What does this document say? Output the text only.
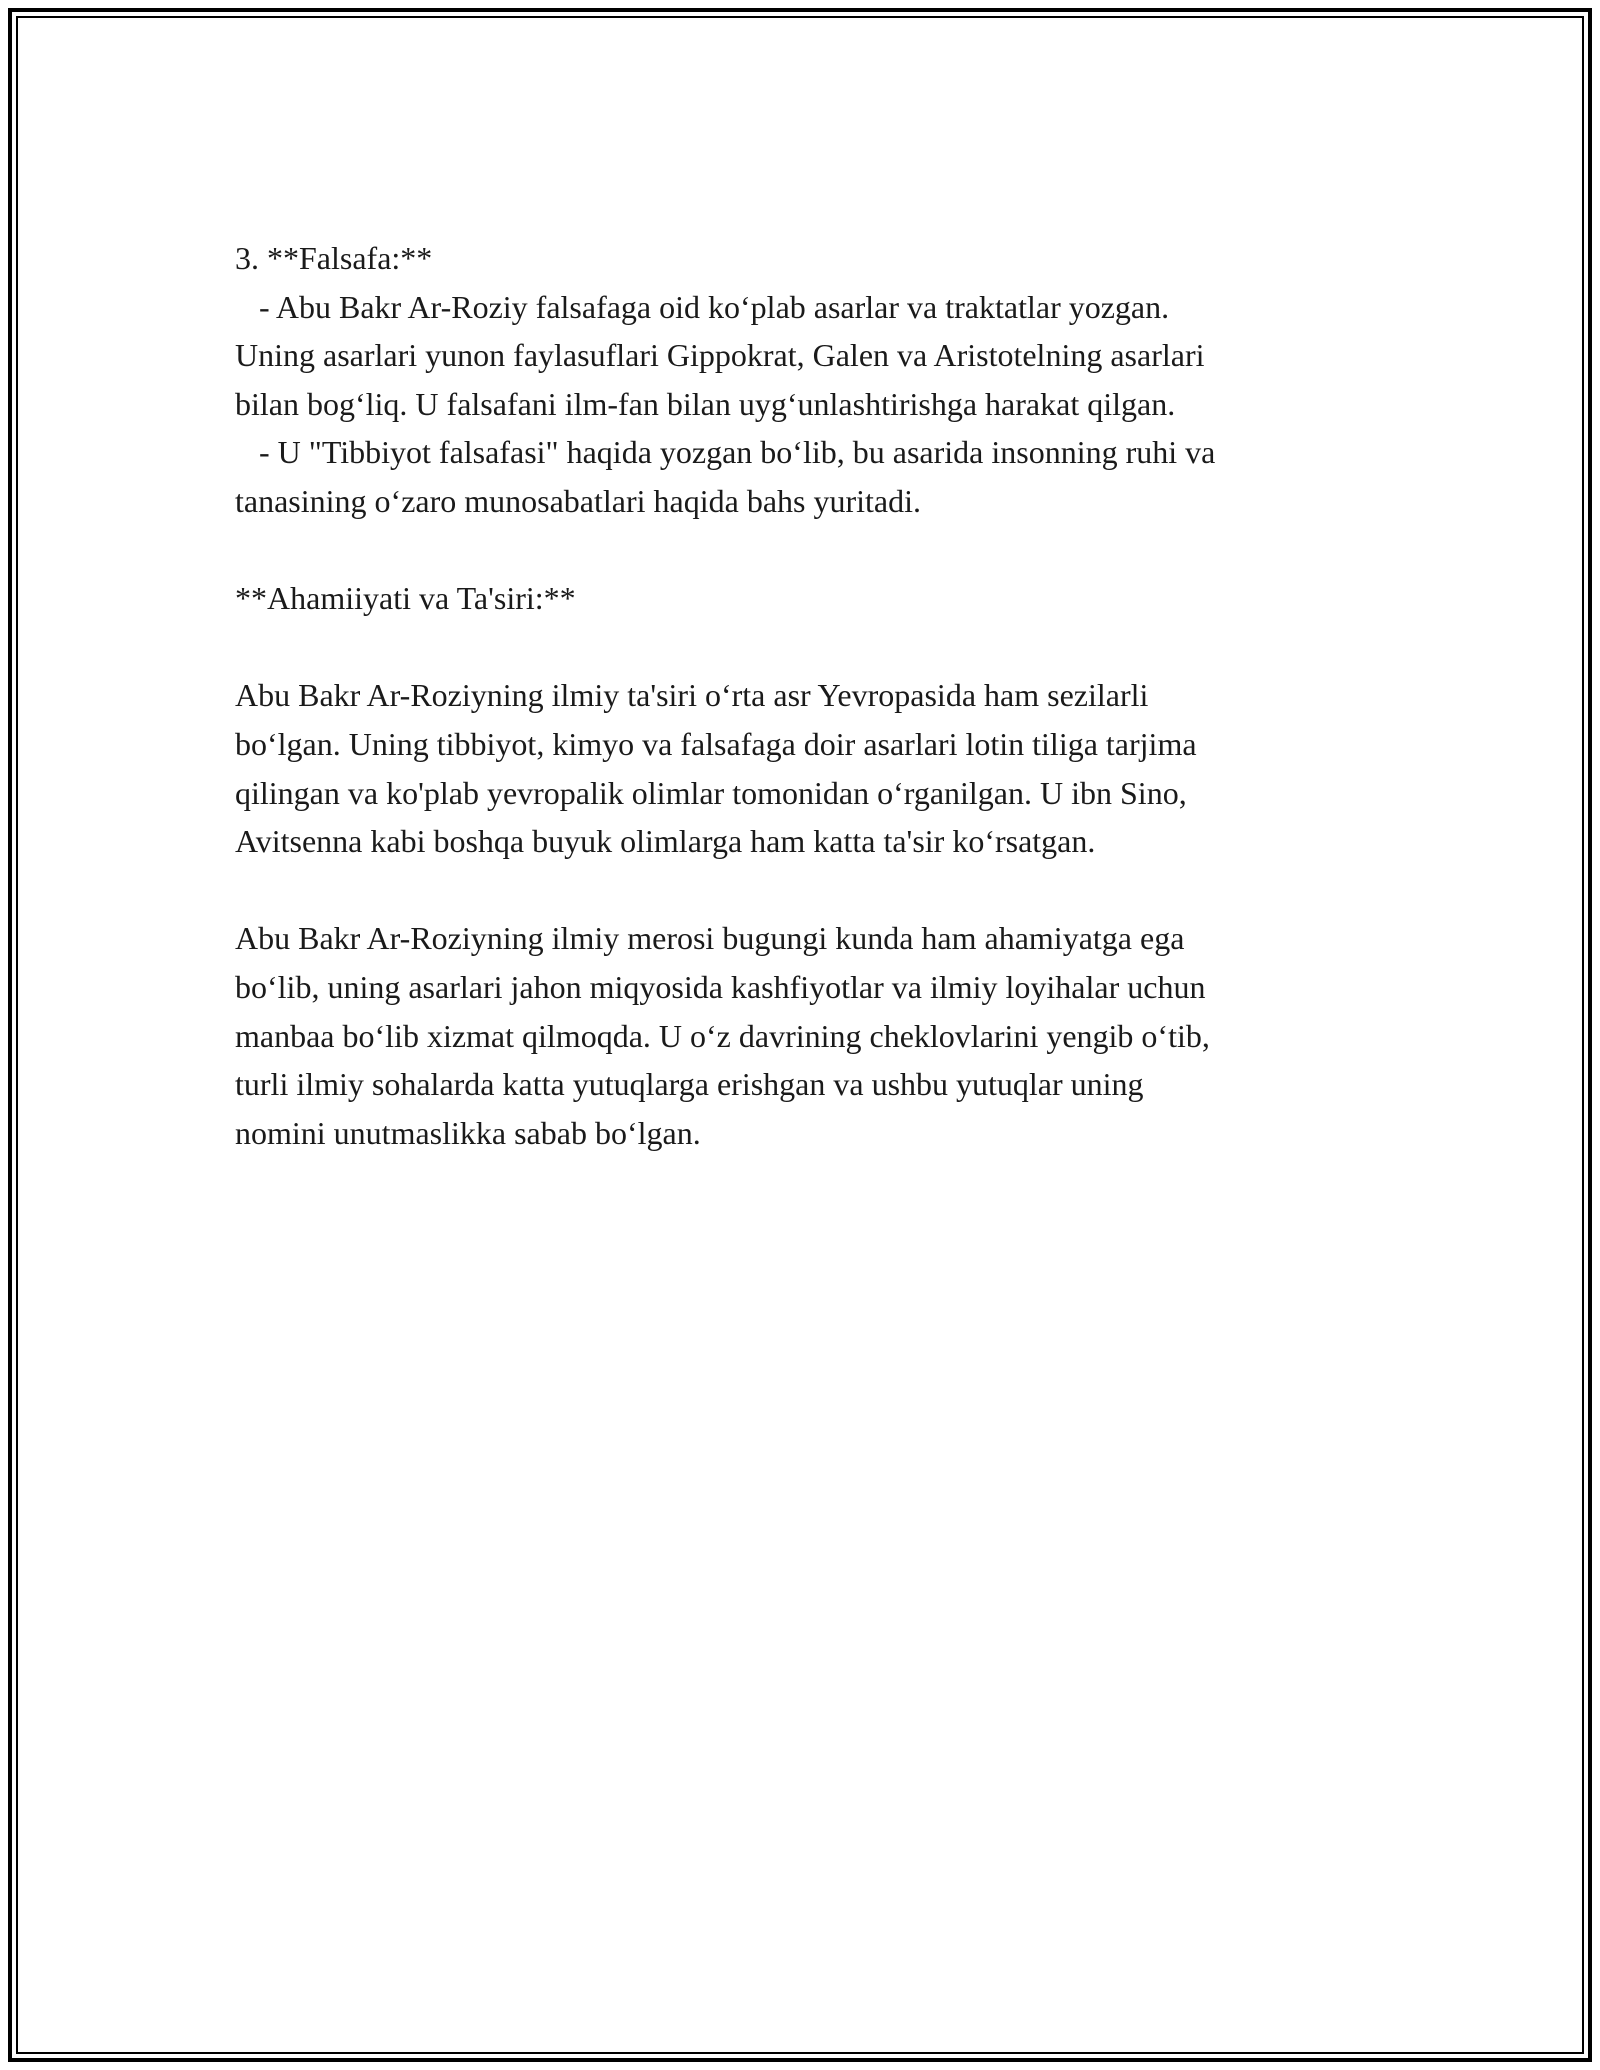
3. **Falsafa:**
- Abu Bakr Ar-Roziy falsafaga oid ko‘plab asarlar va traktatlar yozgan.
Uning asarlari yunon faylasuflari Gippokrat, Galen va Aristotelning asarlari
bilan bog‘liq. U falsafani ilm-fan bilan uyg‘unlashtirishga harakat qilgan.
- U "Tibbiyot falsafasi" haqida yozgan bo‘lib, bu asarida insonning ruhi va
tanasining o‘zaro munosabatlari haqida bahs yuritadi.
**Ahamiiyati va Ta'siri:**
Abu Bakr Ar-Roziyning ilmiy ta'siri o‘rta asr Yevropasida ham sezilarli
bo‘lgan. Uning tibbiyot, kimyo va falsafaga doir asarlari lotin tiliga tarjima
qilingan va ko'plab yevropalik olimlar tomonidan o‘rganilgan. U ibn Sino,
Avitsenna kabi boshqa buyuk olimlarga ham katta ta'sir ko‘rsatgan.
Abu Bakr Ar-Roziyning ilmiy merosi bugungi kunda ham ahamiyatga ega
bo‘lib, uning asarlari jahon miqyosida kashfiyotlar va ilmiy loyihalar uchun
manbaa bo‘lib xizmat qilmoqda. U o‘z davrining cheklovlarini yengib o‘tib,
turli ilmiy sohalarda katta yutuqlarga erishgan va ushbu yutuqlar uning
nomini unutmaslikka sabab bo‘lgan.
